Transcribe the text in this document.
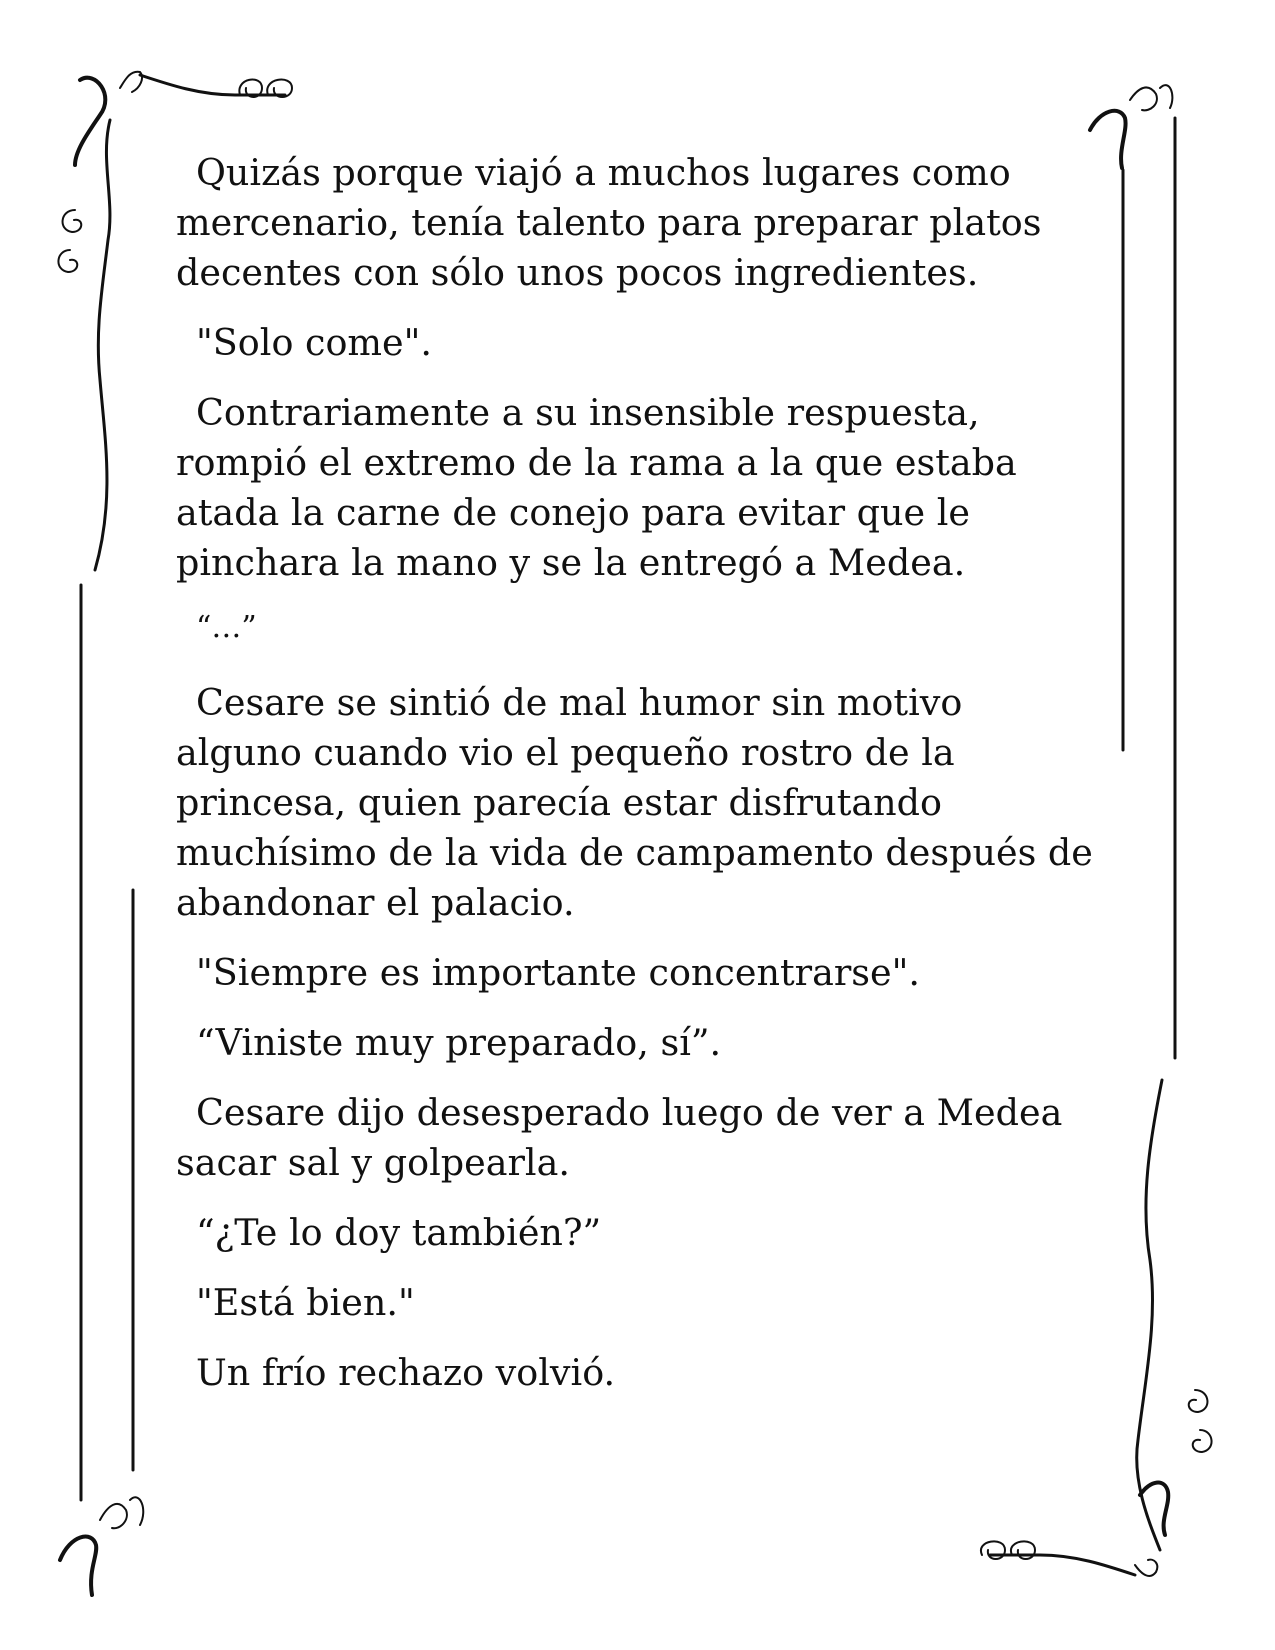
Quizás porque viajó a muchos lugares como mercenario, tenía talento para preparar platos decentes con sólo unos pocos ingredientes.

"Solo come".

Contrariamente a su insensible respuesta, rompió el extremo de la rama a la que estaba atada la carne de conejo para evitar que le pinchara la mano y se la entregó a Medea.

“…”

Cesare se sintió de mal humor sin motivo alguno cuando vio el pequeño rostro de la princesa, quien parecía estar disfrutando muchísimo de la vida de campamento después de abandonar el palacio.

"Siempre es importante concentrarse".

“Viniste muy preparado, sí”.

Cesare dijo desesperado luego de ver a Medea sacar sal y golpearla.

“¿Te lo doy también?”

"Está bien."

Un frío rechazo volvió.
